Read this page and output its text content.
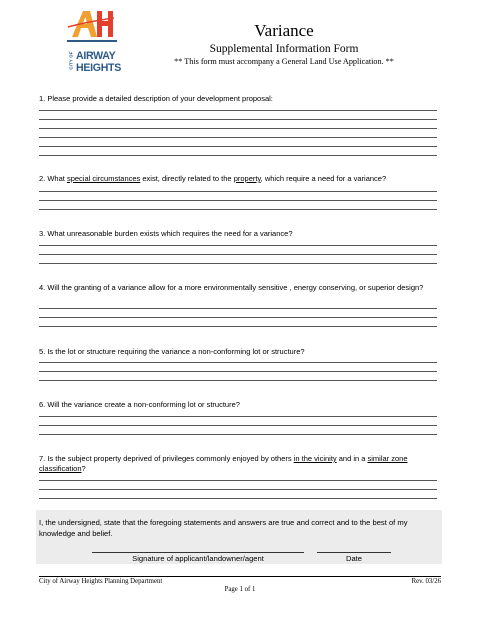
CITY OF AIRWAY
HEIGHTS
Variance
Supplemental Information Form
** This form must accompany a General Land Use Application. **
1. Please provide a detailed description of your development proposal:
2. What special circumstances exist, directly related to the property, which require a need for a variance?
3. What unreasonable burden exists which requires the need for a variance?
4. Will the granting of a variance allow for a more environmentally sensitive , energy conserving, or superior design?
5. Is the lot or structure requiring the variance a non-conforming lot or structure?
6. Will the variance create a non-conforming lot or structure?
7. Is the subject property deprived of privileges commonly enjoyed by others in the vicinity and in a similar zone classification?
I, the undersigned, state that the foregoing statements and answers are true and correct and to the best of my knowledge and belief.
Signature of applicant/landowner/agent	Date
City of Airway Heights Planning Department	Rev. 03/26
Page 1 of 1
